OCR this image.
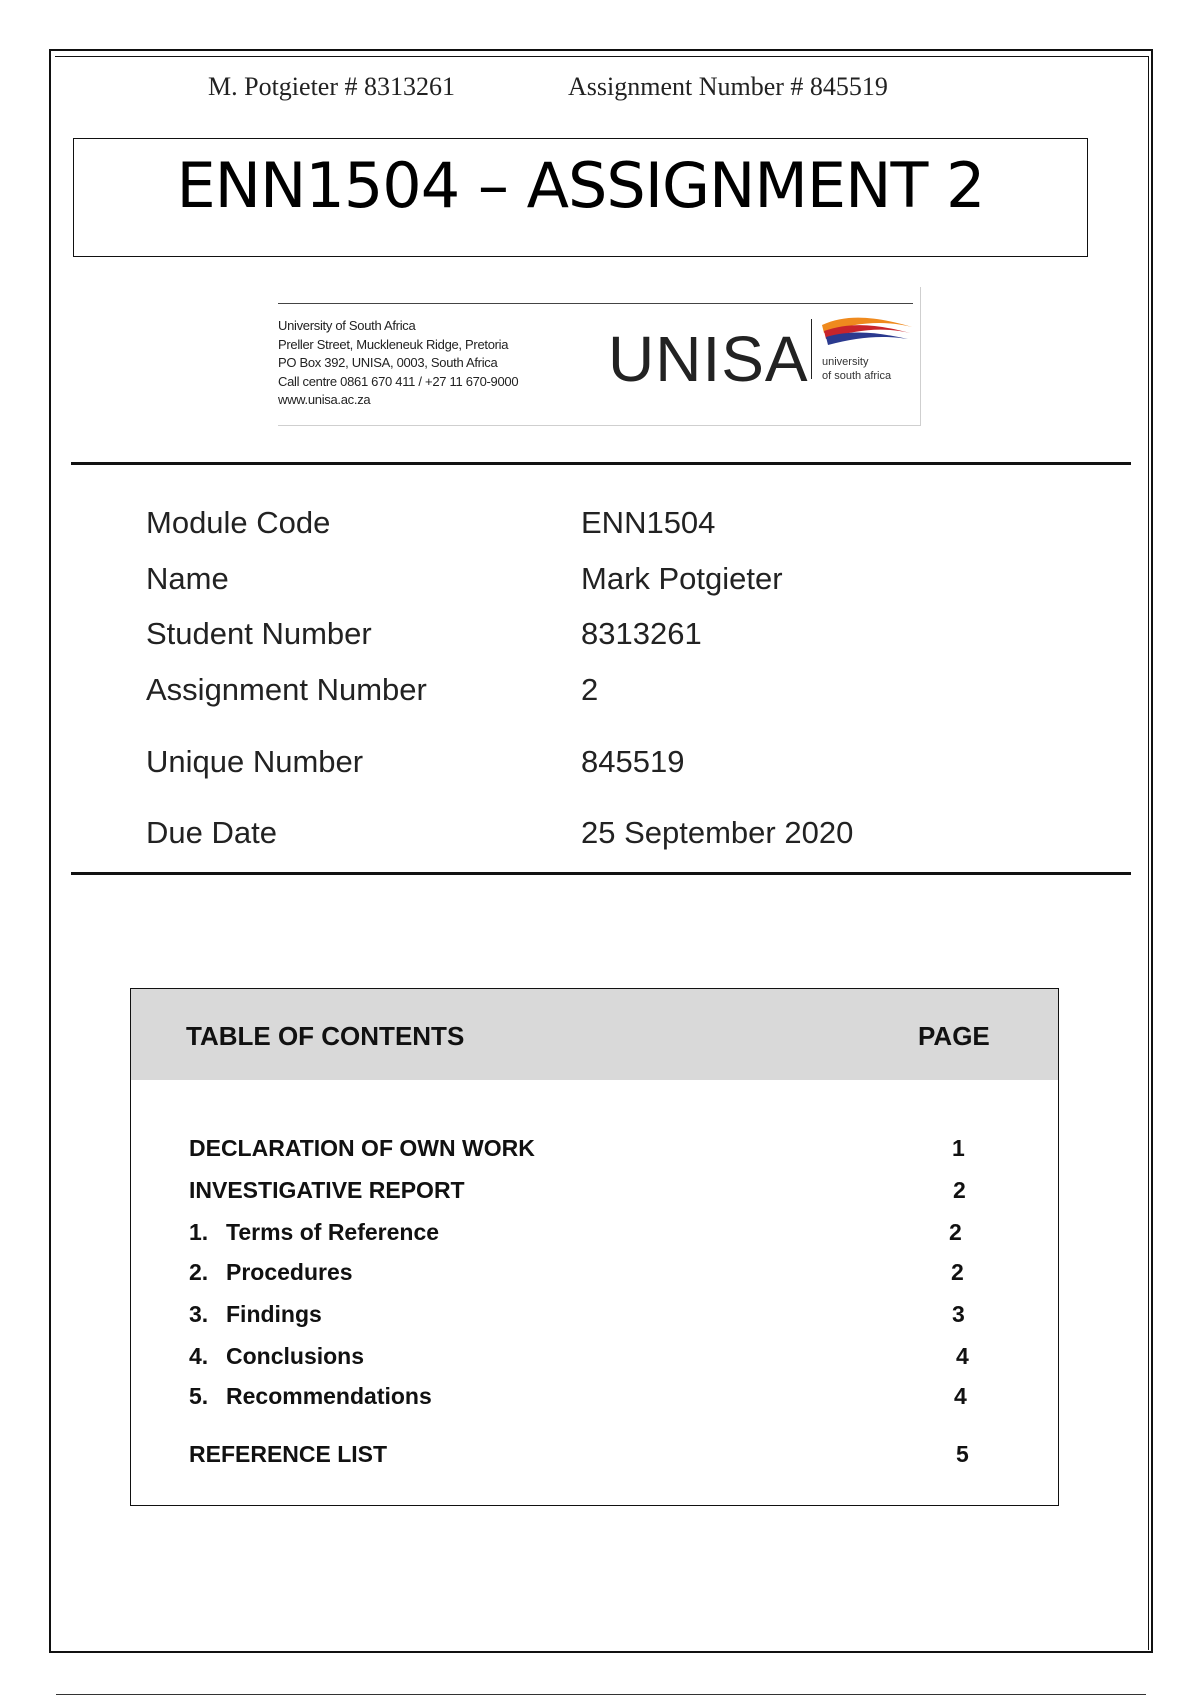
M. Potgieter # 8313261	Assignment Number # 845519
ENN1504 – ASSIGNMENT 2
University of South Africa
Preller Street, Muckleneuk Ridge, Pretoria
PO Box 392, UNISA, 0003, South Africa
Call centre 0861 670 411 / +27 11 670-9000
www.unisa.ac.za
UNISA university
of south africa
Module Code	ENN1504
Name	Mark Potgieter
Student Number	8313261
Assignment Number	2
Unique Number	845519
Due Date	25 September 2020
TABLE OF CONTENTS	PAGE
DECLARATION OF OWN WORK	1
INVESTIGATIVE REPORT	2
1. Terms of Reference	2
2. Procedures	2
3. Findings	3
4. Conclusions	4
5. Recommendations	4
REFERENCE LIST	5
